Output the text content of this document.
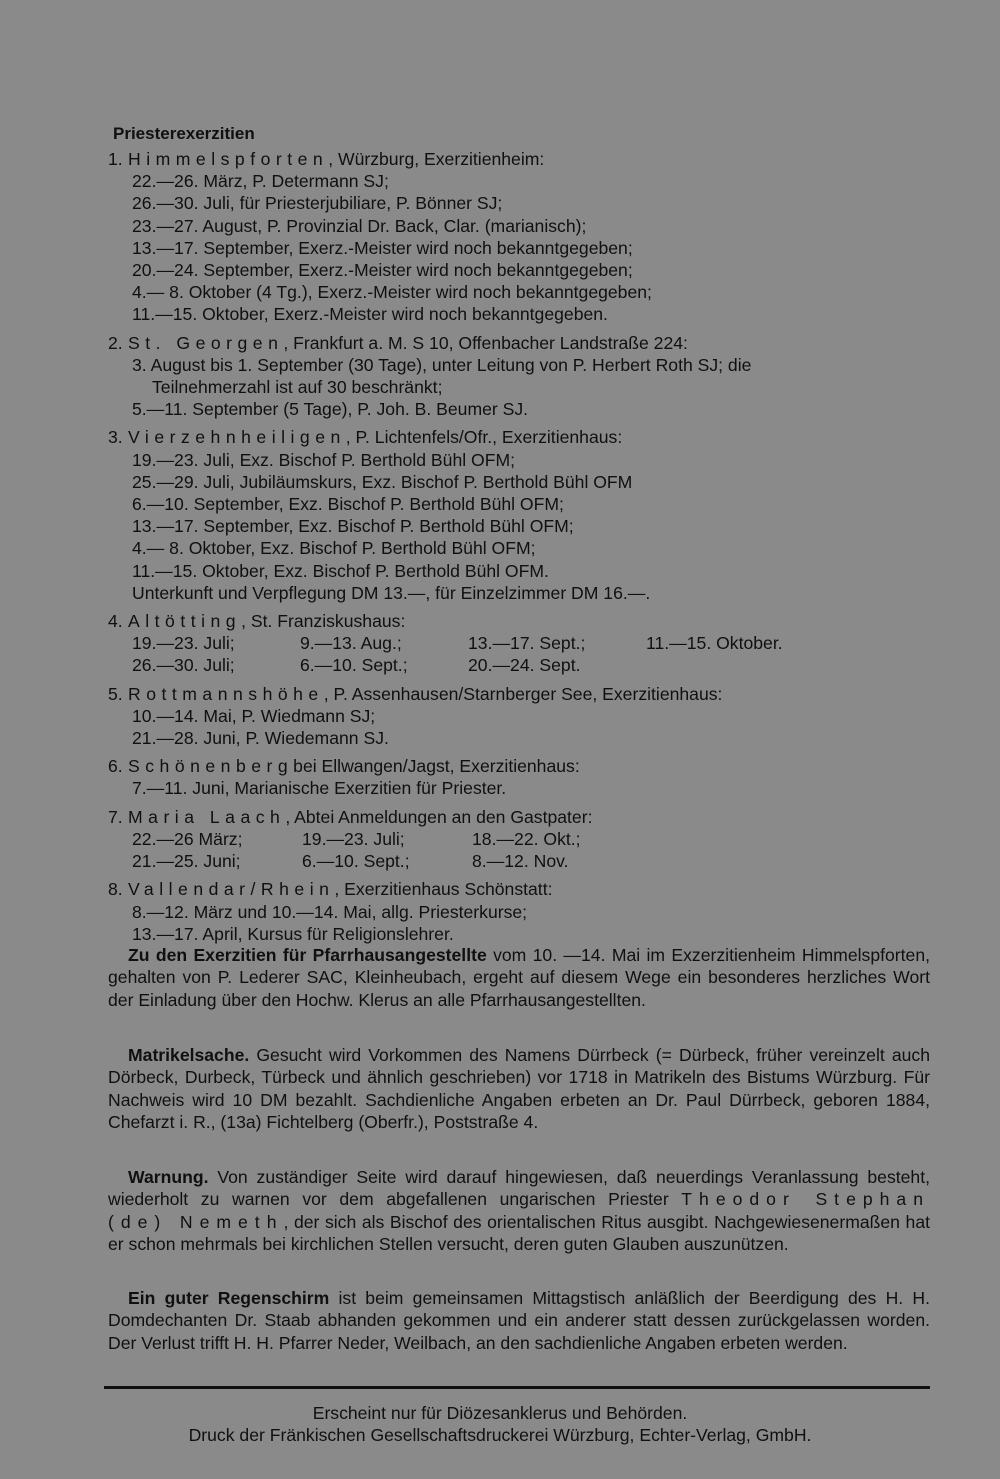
Priesterexerzitien
1. Himmelspforten , Würzburg, Exerzitienheim:
22.—26. März, P. Determann SJ;
26.—30. Juli, für Priesterjubiliare, P. Bönner SJ;
23.—27. August, P. Provinzial Dr. Back, Clar. (marianisch);
13.—17. September, Exerz.-Meister wird noch bekanntgegeben;
20.—24. September, Exerz.-Meister wird noch bekanntgegeben;
4.— 8. Oktober (4 Tg.), Exerz.-Meister wird noch bekanntgegeben;
11.—15. Oktober, Exerz.-Meister wird noch bekanntgegeben.
2. St. Georgen , Frankfurt a. M. S 10, Offenbacher Landstraße 224:
3. August bis 1. September (30 Tage), unter Leitung von P. Herbert Roth SJ; die
Teilnehmerzahl ist auf 30 beschränkt;
5.—11. September (5 Tage), P. Joh. B. Beumer SJ.
3. Vierzehnheiligen , P. Lichtenfels/Ofr., Exerzitienhaus:
19.—23. Juli, Exz. Bischof P. Berthold Bühl OFM;
25.—29. Juli, Jubiläumskurs, Exz. Bischof P. Berthold Bühl OFM
6.—10. September, Exz. Bischof P. Berthold Bühl OFM;
13.—17. September, Exz. Bischof P. Berthold Bühl OFM;
4.— 8. Oktober, Exz. Bischof P. Berthold Bühl OFM;
11.—15. Oktober, Exz. Bischof P. Berthold Bühl OFM.
Unterkunft und Verpflegung DM 13.—, für Einzelzimmer DM 16.—.
4. Altötting , St. Franziskushaus:
19.—23. Juli;	9.—13. Aug.;	13.—17. Sept.;	11.—15. Oktober.
26.—30. Juli;	6.—10. Sept.;	20.—24. Sept.
5. Rottmannshöhe , P. Assenhausen/Starnberger See, Exerzitienhaus:
10.—14. Mai, P. Wiedmann SJ;
21.—28. Juni, P. Wiedemann SJ.
6. Schönenberg bei Ellwangen/Jagst, Exerzitienhaus:
7.—11. Juni, Marianische Exerzitien für Priester.
7. Maria Laach , Abtei Anmeldungen an den Gastpater:
22.—26 März;	19.—23. Juli;	18.—22. Okt.;
21.—25. Juni;	6.—10. Sept.;	8.—12. Nov.
8. Vallendar/Rhein , Exerzitienhaus Schönstatt:
8.—12. März und 10.—14. Mai, allg. Priesterkurse;
13.—17. April, Kursus für Religionslehrer.
Zu den Exerzitien für Pfarrhausangestellte vom 10. —14. Mai im Exzerzitienheim Himmelspforten, gehalten von P. Lederer SAC, Kleinheubach, ergeht auf diesem Wege ein besonderes herzliches Wort der Einladung über den Hochw. Klerus an alle Pfarrhausangestellten.
Matrikelsache. Gesucht wird Vorkommen des Namens Dürrbeck (= Dürbeck, früher vereinzelt auch Dörbeck, Durbeck, Türbeck und ähnlich geschrieben) vor 1718 in Matrikeln des Bistums Würzburg. Für Nachweis wird 10 DM bezahlt. Sachdienliche Angaben erbeten an Dr. Paul Dürrbeck, geboren 1884, Chefarzt i. R., (13a) Fichtelberg (Oberfr.), Poststraße 4.
Warnung. Von zuständiger Seite wird darauf hingewiesen, daß neuerdings Veranlassung besteht, wiederholt zu warnen vor dem abgefallenen ungarischen Priester Theodor Stephan (de) Nemeth, der sich als Bischof des orientalischen Ritus ausgibt. Nachgewiesenermaßen hat er schon mehrmals bei kirchlichen Stellen versucht, deren guten Glauben auszunützen.
Ein guter Regenschirm ist beim gemeinsamen Mittagstisch anläßlich der Beerdigung des H. H. Domdechanten Dr. Staab abhanden gekommen und ein anderer statt dessen zurückgelassen worden. Der Verlust trifft H. H. Pfarrer Neder, Weilbach, an den sachdienliche Angaben erbeten werden.
Erscheint nur für Diözesanklerus und Behörden.
Druck der Fränkischen Gesellschaftsdruckerei Würzburg, Echter-Verlag, GmbH.
